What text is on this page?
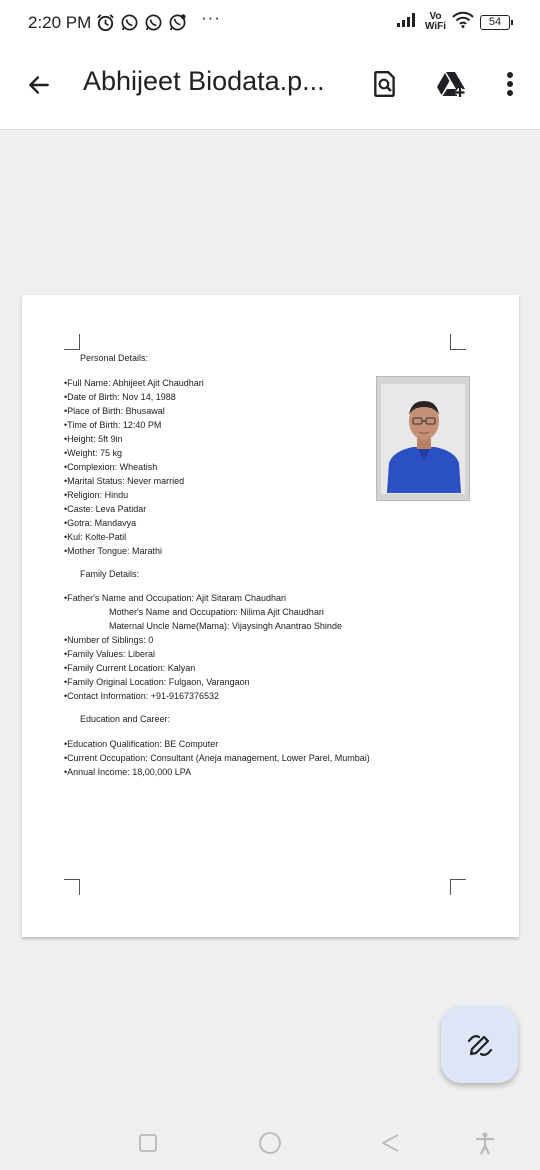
2:20 PM	···	Vo
WiFi	54
Abhijeet Biodata.p...
Personal Details:
• Full Name: Abhijeet Ajit Chaudhari
• Date of Birth: Nov 14, 1988
• Place of Birth: Bhusawal
• Time of Birth: 12:40 PM
• Height: 5ft 9in
• Weight: 75 kg
• Complexion: Wheatish
• Marital Status: Never married
• Religion: Hindu
• Caste: Leva Patidar
• Gotra: Mandavya
• Kul: Kolte-Patil
• Mother Tongue: Marathi
Family Details:
• Father's Name and Occupation: Ajit Sitaram Chaudhari
Mother's Name and Occupation: Nilima Ajit Chaudhari
Maternal Uncle Name(Mama): Vijaysingh Anantrao Shinde
• Number of Siblings: 0
• Family Values: Liberal
• Family Current Location: Kalyan
• Family Original Location: Fulgaon, Varangaon
• Contact Information: +91-9167376532
Education and Career:
• Education Qualification: BE Computer
• Current Occupation: Consultant (Aneja management, Lower Parel, Mumbai)
• Annual Income: 18,00,000 LPA
